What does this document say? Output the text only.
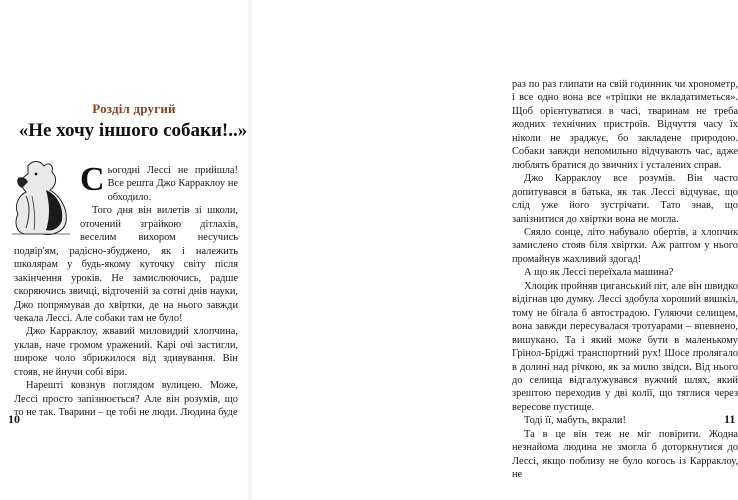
Розділ другий
«Не хочу іншого собаки!..»

Сьогодні Лессі не прийшла! Все решта Джо Карраклоу не обходило.

Того дня він вилетів зі школи, оточений зграйкою дітлахів, веселим вихором несучись подвір'ям, радісно-збуджено, як і належить школярам у будь-якому куточку світу після закінчення уроків. Не замислюючись, радше скоряючись звичці, відточеній за сотні днів науки, Джо попрямував до хвіртки, де на нього завжди чекала Лессі. Але собаки там не було!

Джо Карраклоу, жвавий миловидий хлопчина, уклав, наче громом уражений. Карі очі застигли, широке чоло збрижилося від здивування. Він стояв, не йнучи собі віри.

Нарешті ковзнув поглядом вулицею. Може, Лессі просто запізнюється? Але він розумів, що то не так. Тварини – це тобі не люди. Людина буде

10

раз по раз глипати на свій годинник чи хронометр, і все одно вона все «трішки не вкладатиметься». Щоб орієнтуватися в часі, тваринам не треба жодних технічних пристроїв. Відчуття часу їх ніколи не зраджує, бо закладене природою. Собаки завжди непомильно відчувають час, адже люблять братися до звичних і усталених справ.

Джо Карраклоу все розумів. Він часто допитувався в батька, як так Лессі відчуває, що слід уже його зустрічати. Тато знав, що запізнитися до хвіртки вона не могла.

Сяяло сонце, літо набувало обертів, а хлопчик замислено стояв біля хвіртки. Аж раптом у нього промайнув жахливий здогад!

А що як Лессі переїхала машина?

Хлоцик пройняв циганський піт, але він швидко відігнав цю думку. Лессі здобула хороший вишкіл, тому не бігала б автострадою. Гуляючи селищем, вона завжди пересувалася тротуарами – впевнено, вишукано. Та і який може бути в маленькому Грінол-Бріджі транспортний рух! Шосе пролягало в долині над річкою, як за милю звідси. Від нього до селища відгалужувався вужчий шлях, який зрештою переходив у дві колії, що тяглися через вересове пустище.

Тоді її, мабуть, вкрали!

Та в це він теж не міг повірити. Жодна незнайома людина не змогла б доторкнутися до Лессі, якщо поблизу не було когось із Карраклоу, не

11
